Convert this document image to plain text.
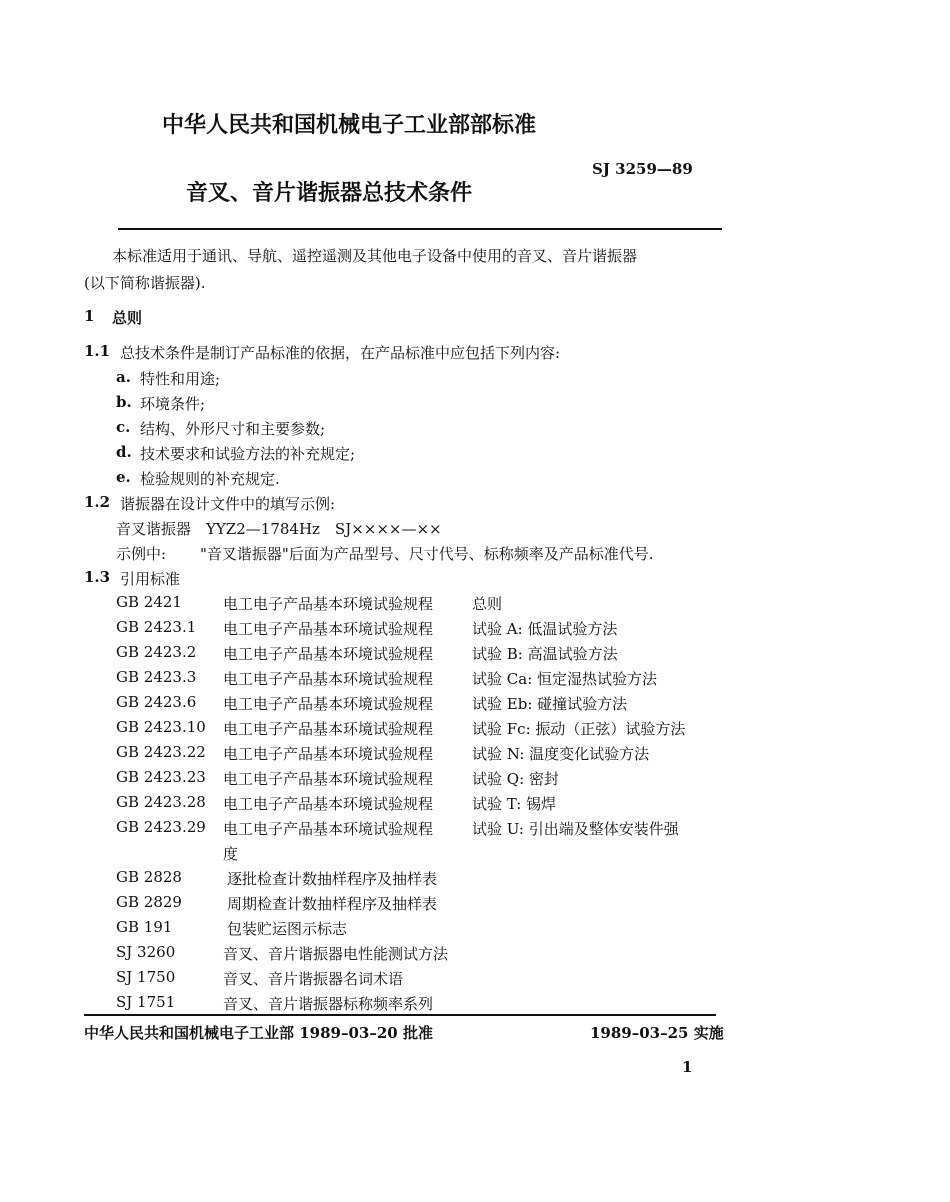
中华人民共和国机械电子工业部部标准
SJ 3259—89
音叉、音片谐振器总技术条件
本标准适用于通讯、导航、遥控遥测及其他电子设备中使用的音叉、音片谐振器
(以下简称谐振器).
1 总则
1.1 总技术条件是制订产品标准的依据，在产品标准中应包括下列内容:
a. 特性和用途;
b. 环境条件;
c. 结构、外形尺寸和主要参数;
d. 技术要求和试验方法的补充规定;
e. 检验规则的补充规定.
1.2 谐振器在设计文件中的填写示例:
音叉谐振器　YYZ2—1784Hz　SJ××××—××
示例中: "音叉谐振器"后面为产品型号、尺寸代号、标称频率及产品标准代号.
1.3 引用标准
GB 2421	电工电子产品基本环境试验规程	总则
GB 2423.1 电工电子产品基本环境试验规程	试验 A: 低温试验方法
GB 2423.2 电工电子产品基本环境试验规程	试验 B: 高温试验方法
GB 2423.3 电工电子产品基本环境试验规程	试验 Ca: 恒定湿热试验方法
GB 2423.6 电工电子产品基本环境试验规程	试验 Eb: 碰撞试验方法
GB 2423.10 电工电子产品基本环境试验规程	试验 Fc: 振动（正弦）试验方法
GB 2423.22 电工电子产品基本环境试验规程	试验 N: 温度变化试验方法
GB 2423.23 电工电子产品基本环境试验规程	试验 Q: 密封
GB 2423.28 电工电子产品基本环境试验规程	试验 T: 锡焊
GB 2423.29 电工电子产品基本环境试验规程	试验 U: 引出端及整体安装件强
度
GB 2828	逐批检查计数抽样程序及抽样表
GB 2829	周期检查计数抽样程序及抽样表
GB 191	包装贮运图示标志
SJ 3260	音叉、音片谐振器电性能测试方法
SJ 1750	音叉、音片谐振器名词术语
SJ 1751	音叉、音片谐振器标称频率系列
中华人民共和国机械电子工业部 1989–03–20 批准	1989–03–25 实施
1
